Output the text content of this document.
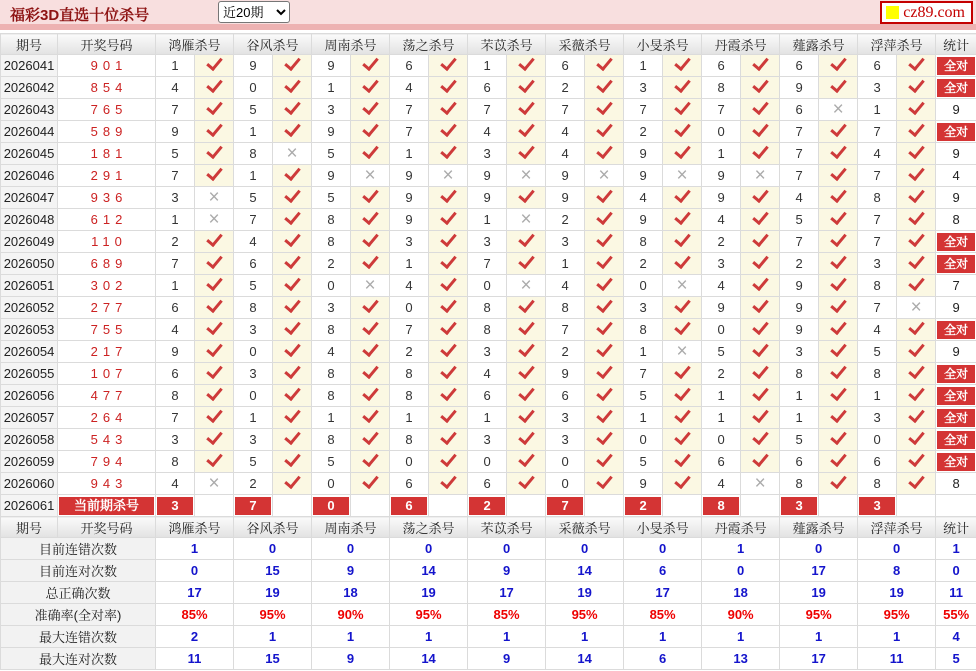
福彩3D直选十位杀号
近20期	cz89.com
期号	开奖号码	鸿雁杀号		谷风杀号		周南杀号		荡之杀号		芣苡杀号		采薇杀号		小旻杀号		丹霞杀号		薤露杀号		浮萍杀号		统计
2026041	901	1		9		9		6		1		6		1		6		6		6		全对

2026042	854	4		0		1		4		6		2		3		8		9		3		全对

2026043	765	7		5		3		7		7		7		7		7		6	×	1		9
2026044	589	9		1		9		7		4		4		2		0		7		7		全对

2026045	181	5		8	×	5		1		3		4		9		1		7		4		9
2026046	291	7		1		9	×	9	×	9	×	9	×	9	×	9	×	7		7		4
2026047	936	3	×	5		5		9		9		9		4		9		4		8		9
2026048	612	1	×	7		8		9		1	×	2		9		4		5		7		8
2026049	110	2		4		8		3		3		3		8		2		7		7		全对

2026050	689	7		6		2		1		7		1		2		3		2		3		全对

2026051	302	1		5		0	×	4		0	×	4		0	×	4		9		8		7
2026052	277	6		8		3		0		8		8		3		9		9		7	×	9
2026053	755	4		3		8		7		8		7		8		0		9		4		全对

2026054	217	9		0		4		2		3		2		1	×	5		3		5		9
2026055	107	6		3		8		8		4		9		7		2		8		8		全对

2026056	477	8		0		8		8		6		6		5		1		1		1		全对

2026057	264	7		1		1		1		1		3		1		1		1		3		全对

2026058	543	3		3		8		8		3		3		0		0		5		0		全对

2026059	794	8		5		5		0		0		0		5		6		6		6		全对

2026060	943	4	×	2		0		6		6		0		9		4	×	8		8		8
2026061	当前期杀号	3		7		0		6		2		7		2		8		3		3		

期号	开奖号码	鸿雁杀号		谷风杀号		周南杀号		荡之杀号		芣苡杀号		采薇杀号		小旻杀号		丹霞杀号		薤露杀号		浮萍杀号		统计
目前连错次数		1		0		0		0		0		0		0		1		0		0		1
目前连对次数		0		15		9		14		9		14		6		0		17		8		0
总正确次数		17		19		18		19		17		19		17		18		19		19		11
准确率(全对率)		85%		95%		90%		95%		85%		95%		85%		90%		95%		95%		55%
最大连错次数		2		1		1		1		1		1		1		1		1		1		4
最大连对次数		11		15		9		14		9		14		6		13		17		11		5
